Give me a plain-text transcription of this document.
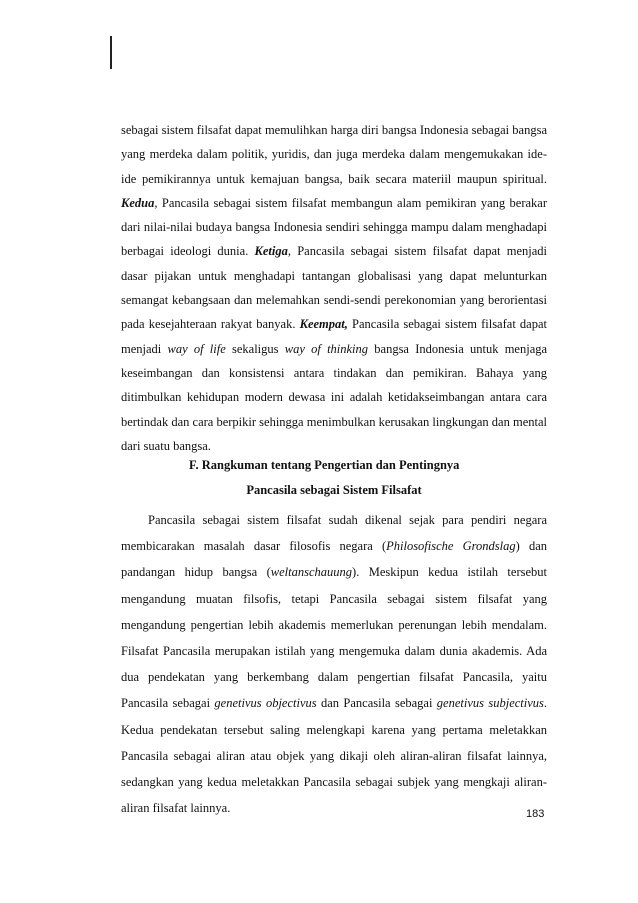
sebagai sistem filsafat dapat memulihkan harga diri bangsa Indonesia sebagai bangsa yang merdeka dalam politik, yuridis, dan juga merdeka dalam mengemukakan ide-ide pemikirannya untuk kemajuan bangsa, baik secara materiil maupun spiritual. Kedua, Pancasila sebagai sistem filsafat membangun alam pemikiran yang berakar dari nilai-nilai budaya bangsa Indonesia sendiri sehingga mampu dalam menghadapi berbagai ideologi dunia. Ketiga, Pancasila sebagai sistem filsafat dapat menjadi dasar pijakan untuk menghadapi tantangan globalisasi yang dapat melunturkan semangat kebangsaan dan melemahkan sendi-sendi perekonomian yang berorientasi pada kesejahteraan rakyat banyak. Keempat, Pancasila sebagai sistem filsafat dapat menjadi way of life sekaligus way of thinking bangsa Indonesia untuk menjaga keseimbangan dan konsistensi antara tindakan dan pemikiran. Bahaya yang ditimbulkan kehidupan modern dewasa ini adalah ketidakseimbangan antara cara bertindak dan cara berpikir sehingga menimbulkan kerusakan lingkungan dan mental dari suatu bangsa.

F. Rangkuman tentang Pengertian dan Pentingnya

Pancasila sebagai Sistem Filsafat

Pancasila sebagai sistem filsafat sudah dikenal sejak para pendiri negara membicarakan masalah dasar filosofis negara (Philosofische Grondslag) dan pandangan hidup bangsa (weltanschauung). Meskipun kedua istilah tersebut mengandung muatan filsofis, tetapi Pancasila sebagai sistem filsafat yang mengandung pengertian lebih akademis memerlukan perenungan lebih mendalam. Filsafat Pancasila merupakan istilah yang mengemuka dalam dunia akademis. Ada dua pendekatan yang berkembang dalam pengertian filsafat Pancasila, yaitu Pancasila sebagai genetivus objectivus dan Pancasila sebagai genetivus subjectivus. Kedua pendekatan tersebut saling melengkapi karena yang pertama meletakkan Pancasila sebagai aliran atau objek yang dikaji oleh aliran-aliran filsafat lainnya, sedangkan yang kedua meletakkan Pancasila sebagai subjek yang mengkaji aliran-aliran filsafat lainnya.	183
